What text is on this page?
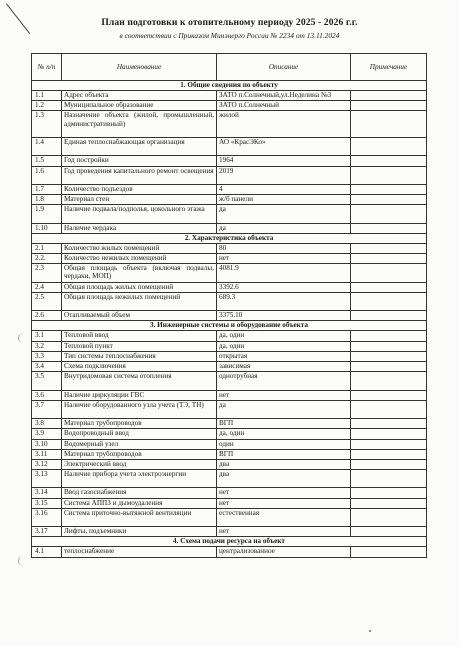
План подготовки к отопительному периоду 2025 - 2026 г.г.
в соответствии с Приказом Минэнерго России № 2234 от 13.11.2024
№ п/п	Наименование	Описание	Примечание
1. Общие сведения по объекту			
1.1	Адрес объекта	ЗАТО п.Солнечный,ул.Неделина №3	
1.2	Муниципальное образование	ЗАТО п.Солнечный	
1.3	Назначение объекта (жилой, промышленный, административный)	жилой	
1.4	Единая теплоснабжающая организация	АО «КрасЭКо»	
1.5	Год постройки	1964	
1.6	Год проведения капитального ремонт освещения	2019	
1.7	Количество подъездов	4	
1.8	Материал стен	ж/б панели	
1.9	Наличие подвала/подполья, цокольного этажа	да	
1.10	Наличие чердака	да	
2. Характеристика объекта			
2.1	Количество жилых помещений	80	
2.2.	Количество нежилых помещений	нет	
2.3	Общая площадь объекта (включая подвалы, чердаки, МОП)	4081.9	
2.4	Общая площадь жилых помещений	3392.6	
2.5	Общая площадь нежилых помещений	689.3	
2.6	Отапливаемый объем	3375.10	
3. Инженерные системы и оборудование объекта			
3.1	Тепловой ввод	да, один	
3.2	Тепловой пункт	да, один	
3.3	Тип системы теплоснабжения	открытая	
3.4	Схема подключения	зависимая	
3.5	Внутридомовая система отопления	однотрубная	
3.6	Наличие циркуляции ГВС	нет	
3.7	Наличие оборудованного узла учета (ТЭ, ТН)	да	
3.8	Материал трубопроводов	ВГП	
3.9	Водопроводный ввод	да, один	
3.10	Водомерный узел	один	
3.11	Материал трубопроводов	ВГП	
3.12	Электрический ввод	два	
3.13	Наличие прибора учета электроэнергии	два	
3.14	Ввод газоснабжения	нет	
3.15	Система АППЗ и дымоудаления	нет	
3.16	Система приточно-вытяжной вентиляции	естественная	
3.17	Лифты, подъемники	нет	
4. Схема подачи ресурса на объект			
4.1	теплоснабжение	централизованное	
